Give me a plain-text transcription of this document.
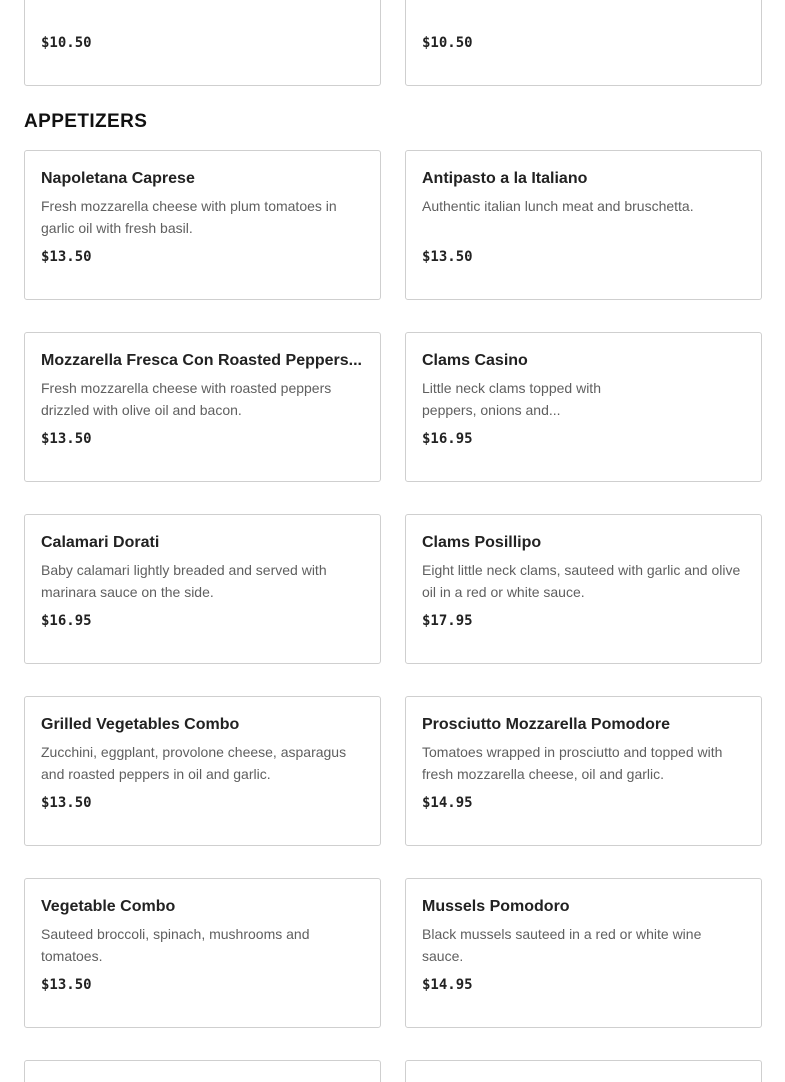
$10.50	$10.50
APPETIZERS
Napoletana Caprese
Fresh mozzarella cheese with plum tomatoes in garlic oil with fresh basil.
$13.50
Antipasto a la Italiano
Authentic italian lunch meat and bruschetta.
$13.50
Mozzarella Fresca Con Roasted Peppers...
Fresh mozzarella cheese with roasted peppers drizzled with olive oil and bacon.
$13.50
Clams Casino
Little neck clams topped with peppers, onions and...
$16.95
Calamari Dorati
Baby calamari lightly breaded and served with marinara sauce on the side.
$16.95
Clams Posillipo
Eight little neck clams, sauteed with garlic and olive oil in a red or white sauce.
$17.95
Grilled Vegetables Combo
Zucchini, eggplant, provolone cheese, asparagus and roasted peppers in oil and garlic.
$13.50
Prosciutto Mozzarella Pomodore
Tomatoes wrapped in prosciutto and topped with fresh mozzarella cheese, oil and garlic.
$14.95
Vegetable Combo
Sauteed broccoli, spinach, mushrooms and tomatoes.
$13.50
Mussels Pomodoro
Black mussels sauteed in a red or white wine sauce.
$14.95
